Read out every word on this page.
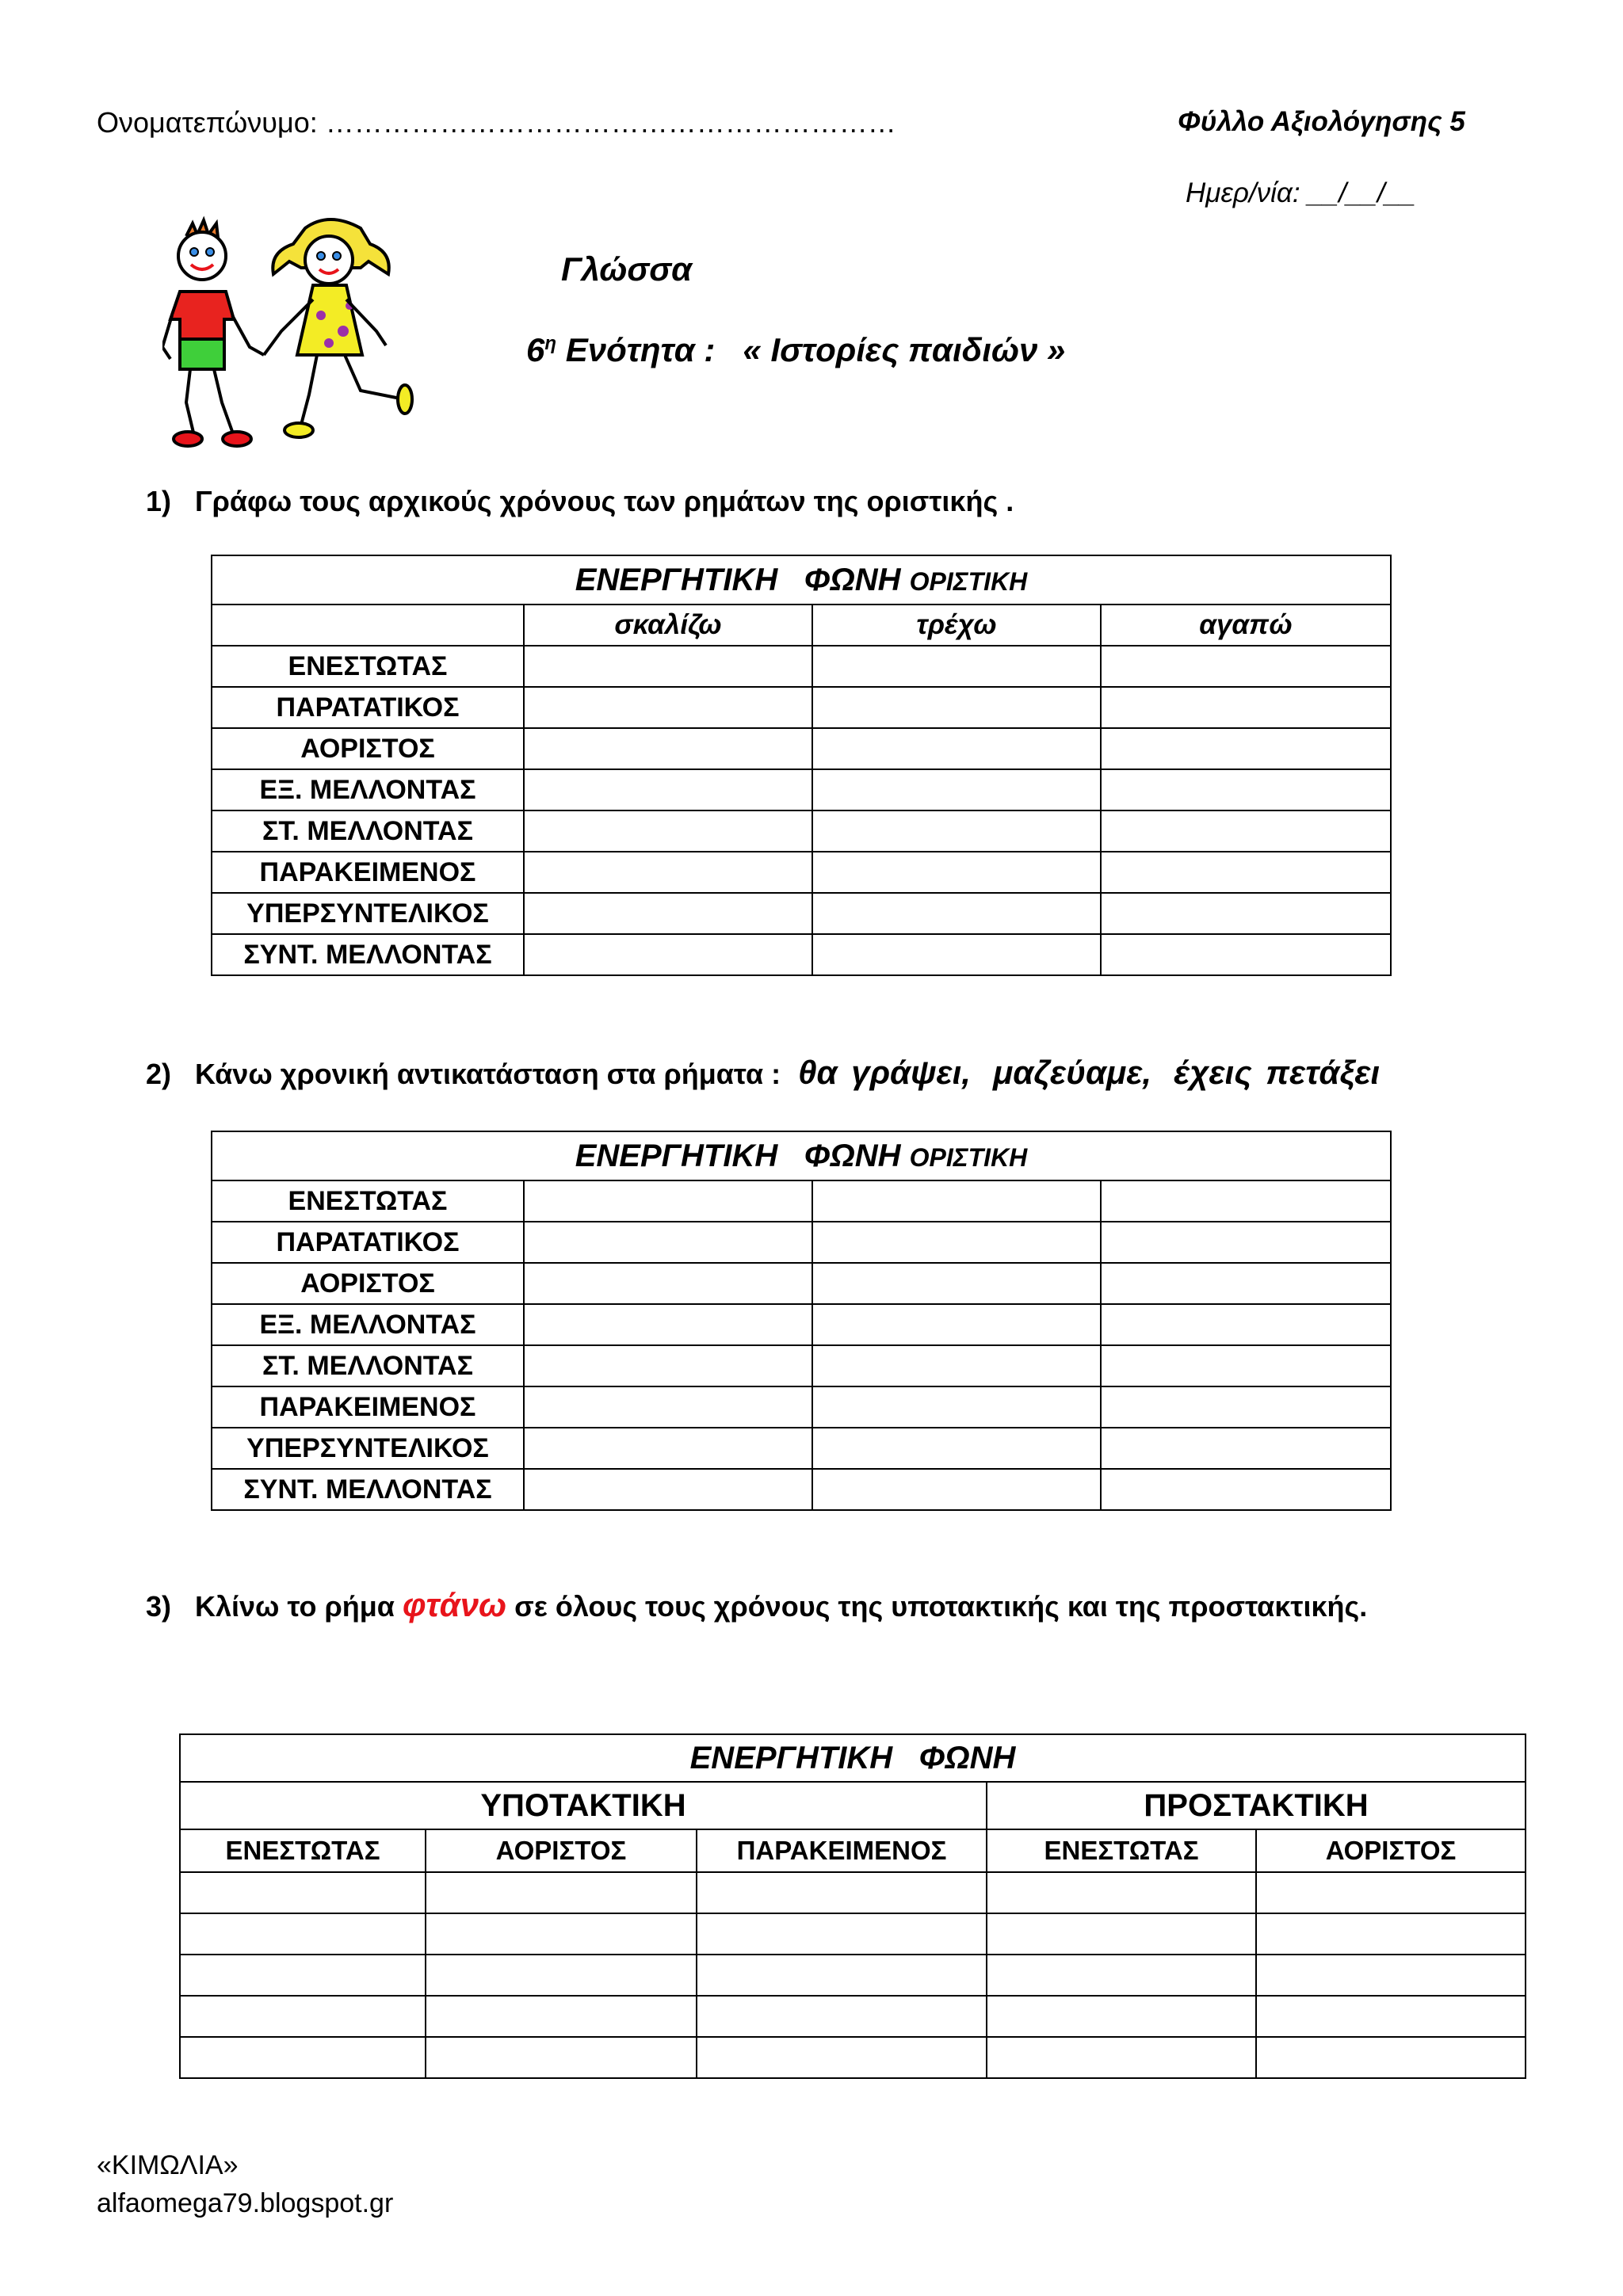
Ονοματεπώνυμο: ……………………………………………………	Φύλλο Αξιολόγησης 5
Ημερ/νία: __/__/__
Γλώσσα
$6^\eta$ Ενότητα :   « Ιστορίες παιδιών »
1) Γράφω τους αρχικούς χρόνους των ρημάτων της οριστικής .
ΕΝΕΡΓΗΤΙΚΗ   ΦΩΝΗ ΟΡΙΣΤΙΚΗ			
	σκαλίζω	τρέχω	αγαπώ
ΕΝΕΣΤΩΤΑΣ			
ΠΑΡΑΤΑΤΙΚΟΣ			
ΑΟΡΙΣΤΟΣ			
ΕΞ. ΜΕΛΛΟΝΤΑΣ			
ΣΤ. ΜΕΛΛΟΝΤΑΣ			
ΠΑΡΑΚΕΙΜΕΝΟΣ			
ΥΠΕΡΣΥΝΤΕΛΙΚΟΣ			
ΣΥΝΤ. ΜΕΛΛΟΝΤΑΣ			
2) Κάνω χρονική αντικατάσταση στα ρήματα : θα γράψει, μαζεύαμε, έχεις πετάξει
ΕΝΕΡΓΗΤΙΚΗ   ΦΩΝΗ ΟΡΙΣΤΙΚΗ			
ΕΝΕΣΤΩΤΑΣ			
ΠΑΡΑΤΑΤΙΚΟΣ			
ΑΟΡΙΣΤΟΣ			
ΕΞ. ΜΕΛΛΟΝΤΑΣ			
ΣΤ. ΜΕΛΛΟΝΤΑΣ			
ΠΑΡΑΚΕΙΜΕΝΟΣ			
ΥΠΕΡΣΥΝΤΕΛΙΚΟΣ			
ΣΥΝΤ. ΜΕΛΛΟΝΤΑΣ			
3) Κλίνω το ρήμα φτάνω σε όλους τους χρόνους της υποτακτικής και της προστακτικής.
ΕΝΕΡΓΗΤΙΚΗ   ΦΩΝΗ				
ΥΠΟΤΑΚΤΙΚΗ			ΠΡΟΣΤΑΚΤΙΚΗ	
ΕΝΕΣΤΩΤΑΣ	ΑΟΡΙΣΤΟΣ	ΠΑΡΑΚΕΙΜΕΝΟΣ	ΕΝΕΣΤΩΤΑΣ	ΑΟΡΙΣΤΟΣ

«ΚΙΜΩΛΙΑ»
alfaomega79.blogspot.gr
